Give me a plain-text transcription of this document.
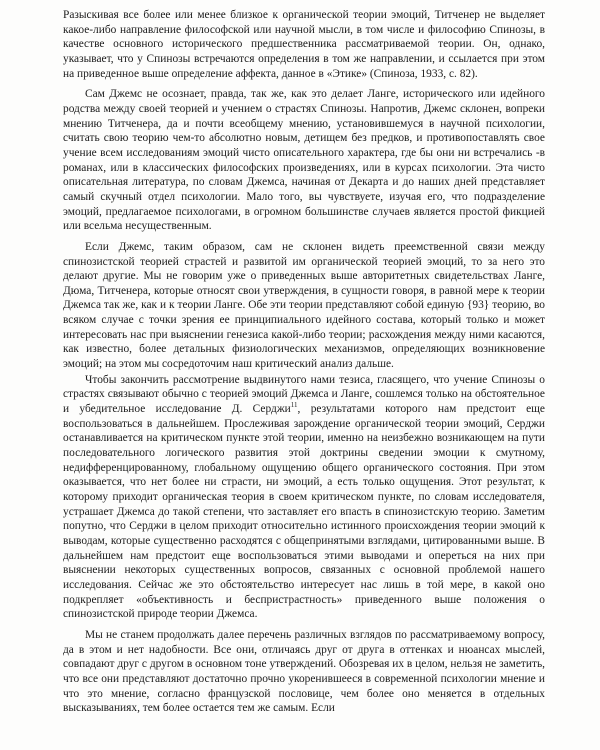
Разыскивая все более или менее близкое к органической теории эмоций, Титченер не выделяет какое-либо направление философской или научной мысли, в том числе и философию Спинозы, в качестве основного исторического предшественника рассматриваемой теории. Он, однако, указывает, что у Спинозы встречаются определения в том же направлении, и ссылается при этом на приведенное выше определение аффекта, данное в «Этике» (Спиноза, 1933, с. 82).

Сам Джемс не осознает, правда, так же, как это делает Ланге, исторического или идейного родства между своей теорией и учением о страстях Спинозы. Напротив, Джемс склонен, вопреки мнению Титченера, да и почти всеобщему мнению, установившемуся в научной психологии, считать свою теорию чем-то абсолютно новым, детищем без предков, и противопоставлять свое учение всем исследованиям эмоций чисто описательного характера, где бы они ни встречались -в романах, или в классических философских произведениях, или в курсах психологии. Эта чисто описательная литература, по словам Джемса, начиная от Декарта и до наших дней представляет самый скучный отдел психологии. Мало того, вы чувствуете, изучая его, что подразделение эмоций, предлагаемое психологами, в огромном большинстве случаев является простой фикцией или всельма несущественным.

Если Джемс, таким образом, сам не склонен видеть преемственной связи между спинозистской теорией страстей и развитой им органической теорией эмоций, то за него это делают другие. Мы не говорим уже о приведенных выше авторитетных свидетельствах Ланге, Дюма, Титченера, которые относят свои утверждения, в сущности говоря, в равной мере к теории Джемса так же, как и к теории Ланге. Обе эти теории представляют собой единую {93} теорию, во всяком случае с точки зрения ее принципиального идейного состава, который только и может интересовать нас при выяснении генезиса какой-либо теории; расхождения между ними касаются, как известно, более детальных физиологических механизмов, определяющих возникновение эмоций; на этом мы сосредоточим наш критический анализ дальше.

Чтобы закончить рассмотрение выдвинутого нами тезиса, гласящего, что учение Спинозы о страстях связывают обычно с теорией эмоций Джемса и Ланге, сошлемся только на обстоятельное и убедительное исследование Д. Серджи$^{11}$, результатами которого нам предстоит еще воспользоваться в дальнейшем. Прослеживая зарождение органической теории эмоций, Серджи останавливается на критическом пункте этой теории, именно на неизбежно возникающем на пути последовательного логического развития этой доктрины сведении эмоции к смутному, недифференцированному, глобальному ощущению общего органического состояния. При этом оказывается, что нет более ни страсти, ни эмоций, а есть только ощущения. Этот результат, к которому приходит органическая теория в своем критическом пункте, по словам исследователя, устрашает Джемса до такой степени, что заставляет его впасть в спинозистскую теорию. Заметим попутно, что Серджи в целом приходит относительно истинного происхождения теории эмоций к выводам, которые существенно расходятся с общепринятыми взглядами, цитированными выше. В дальнейшем нам предстоит еще воспользоваться этими выводами и опереться на них при выяснении некоторых существенных вопросов, связанных с основной проблемой нашего исследования. Сейчас же это обстоятельство интересует нас лишь в той мере, в какой оно подкрепляет «объективность и беспристрастность» приведенного выше положения о спинозистской природе теории Джемса.

Мы не станем продолжать далее перечень различных взглядов по рассматриваемому вопросу, да в этом и нет надобности. Все они, отличаясь друг от друга в оттенках и нюансах мыслей, совпадают друг с другом в основном тоне утверждений. Обозревая их в целом, нельзя не заметить, что все они представляют достаточно прочно укоренившееся в современной психологии мнение и что это мнение, согласно французской пословице, чем более оно меняется в отдельных высказываниях, тем более остается тем же самым. Если
